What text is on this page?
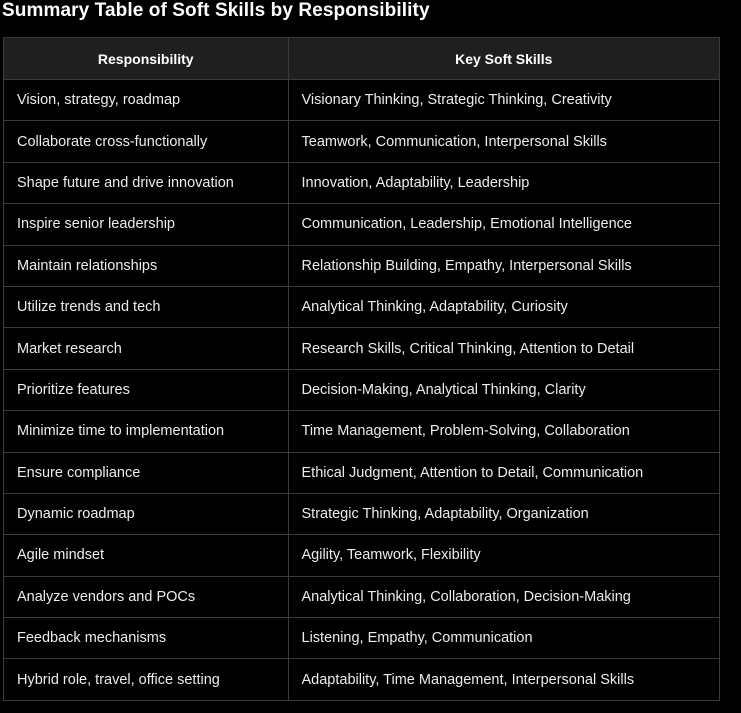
Summary Table of Soft Skills by Responsibility
Responsibility	Key Soft Skills
Vision, strategy, roadmap	Visionary Thinking, Strategic Thinking, Creativity
Collaborate cross-functionally	Teamwork, Communication, Interpersonal Skills
Shape future and drive innovation	Innovation, Adaptability, Leadership
Inspire senior leadership	Communication, Leadership, Emotional Intelligence
Maintain relationships	Relationship Building, Empathy, Interpersonal Skills
Utilize trends and tech	Analytical Thinking, Adaptability, Curiosity
Market research	Research Skills, Critical Thinking, Attention to Detail
Prioritize features	Decision-Making, Analytical Thinking, Clarity
Minimize time to implementation	Time Management, Problem-Solving, Collaboration
Ensure compliance	Ethical Judgment, Attention to Detail, Communication
Dynamic roadmap	Strategic Thinking, Adaptability, Organization
Agile mindset	Agility, Teamwork, Flexibility
Analyze vendors and POCs	Analytical Thinking, Collaboration, Decision-Making
Feedback mechanisms	Listening, Empathy, Communication
Hybrid role, travel, office setting	Adaptability, Time Management, Interpersonal Skills
